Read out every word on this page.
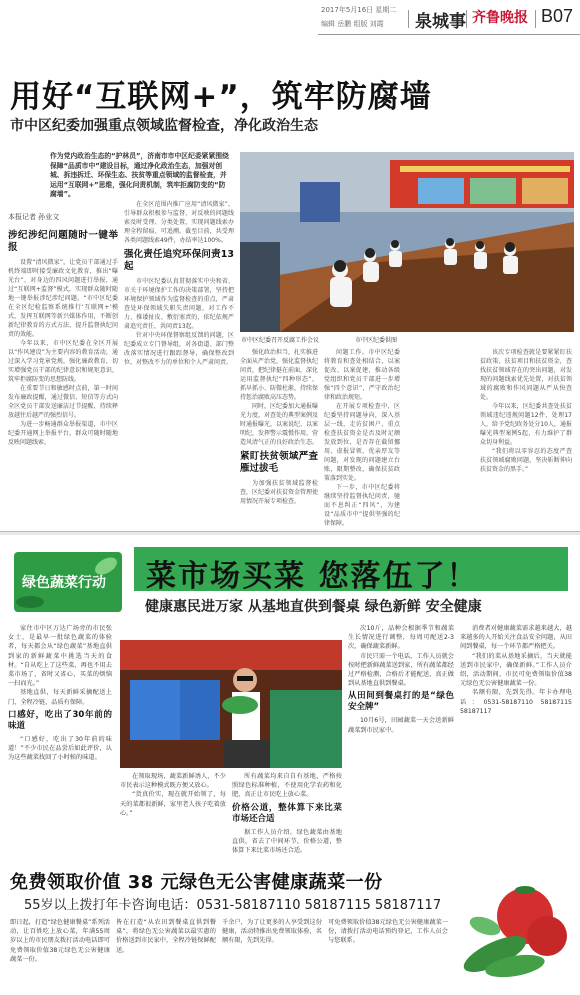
2017年5月16日 星期二
编辑 岳鹏 组版 刘霞 泉城事 齐鲁晚报 B07
用好“互联网+”，筑牢防腐墙
市中区纪委加强重点领域监督检查，净化政治生态
作为党内政治生态的“护林员”，济南市市中区纪委紧紧围绕保障“品质市中”建设目标，通过净化政治生态，加强对创城、拆违拆迁、环保生态、扶贫等重点领域的监督检查，并运用“互联网+”思维，强化问责机制，筑牢拒腐防变的“防腐墙”。
本报记者 孙业文
涉纪涉纪问题随时一键举报
设置“清风微家”，让党员干部通过手机终端即时接受廉政文化教育，推出“曝光台”，对身边的四风问题进行举报，通过“互联网+监督”模式，实现群众随时随地一键举报涉纪涉纪问题。“市中区纪委在全区纪检监察系统推行‘互联网+’模式，发挥互联网等新兴媒体作用，不断创新纪律教育的方式方法，提升监督执纪问责的效能。
今年以来，市中区纪委在全区开展以“作风建设”为主要内容的教育活动，通过深入学习党章党规，强化廉政教育，切实增强党员干部的纪律意识和规矩意识，筑牢拒腐防变的思想防线。
在重要节日和敏感时点前，第一时间发布廉政提醒，通过微信、短信等方式向全区党员干部发送廉洁过节提醒，持续释放越往后越严的强烈信号。
为进一步畅通群众举报渠道，市中区纪委开通网上举报平台，群众可随时随地反映问题线索。
在全区范围内推广应用“清风微家”，引导群众积极参与监督，对反映的问题线索及时受理、分类处置，实现问题线索办理全程留痕、可追溯。截至目前，共受理各类问题线索49件，办结率达100%。
强化责任追究环保问责13起
市中区纪委认真贯彻落实中央和省、市关于环境保护工作的决策部署，坚持把环境保护领域作为监督检查的重点，严肃查处环保领域失职失责问题，对工作不力、推诿扯皮、敷衍塞责的，依纪依规严肃追究责任，共问责13起。
针对中央环保督察组反馈的问题，区纪委成立专门督导组，对各街道、部门整改落实情况进行跟踪督导，确保整改到位，对整改不力的单位和个人严肃问责。
强化政治担当，扎实推进全面从严治党，强化监督执纪问责，把纪律挺在前面，深化运用监督执纪“四种形态”，抓早抓小、防微杜渐，持续保持惩治腐败高压态势。
同时，区纪委加大通报曝光力度，对查处的典型案例及时通报曝光，以案说纪、以案明纪，发挥警示震慑作用，营造风清气正的良好政治生态。
紧盯扶贫领域严查雁过拔毛
为加强扶贫领域监督检查，区纪委对扶贫资金管理使用情况开展专项检查。
问题工作。市中区纪委将教育和查处相结合，以案促改、以案促建，推动各级党组织和党员干部进一步增强“四个意识”，严守政治纪律和政治规矩。
在开展专项检查中，区纪委坚持问题导向，深入基层一线，走访贫困户，重点检查扶贫资金是否及时足额发放到位，是否存在截留挪用、虚报冒领、优亲厚友等问题，对发现的问题建立台账，限期整改，确保扶贫政策落到实处。
下一步，市中区纪委将继续坚持监督执纪问责，驰而不息纠正“四风”，为建设“品质市中”提供坚强的纪律保障。
该次专项检查就是要紧紧盯扶贫政策、扶贫项目和扶贫资金，查找扶贫领域存在的突出问题，对发现的问题线索优先处置，对扶贫领域的腐败和作风问题从严从快查处。
今年以来，区纪委共查处扶贫领域违纪违规问题12件，处理17人，给予党纪政务处分10人，通报曝光典型案例5起，有力维护了群众切身利益。
“我们将以零容忍的态度严查扶贫领域腐败问题，坚决斩断伸向扶贫资金的黑手。”
市中区纪委召开反腐工作会议	市中区纪委供图
绿色蔬菜行动 菜市场买菜 您落伍了！
健康惠民进万家 从基地直供到餐桌 绿色新鲜 安全健康
家住市中区万达广场旁的市民张女士，是最早一批绿色蔬菜的体验者，每天都会从“绿色蔬菜”基地直供到家的新鲜蔬菜中挑选当天的食材。“自从吃上了这些菜，再也不用去菜市场了，省时又省心，买菜的烦恼一扫而光。”
基地直供，每天新鲜采摘配送上门，全程冷链，品质有保障。
口感好，吃出了30年前的味道
“口感好，吃出了30年前的味道！”不少市民在品尝后如此评价，认为这些蔬菜找回了小时候的味道。
在领取现场，蔬菜新鲜诱人，不少市民表示这种模式既方便又放心。
“货真价实，现在就开始领了，每天的菜都很新鲜，家里老人孩子吃着放心。”
所有蔬菜均来自自有基地，严格按照绿色标准种植，不使用化学农药和化肥，真正让市民吃上放心菜。
价格公道，整体算下来比菜市场还合适
据工作人员介绍，绿色蔬菜由基地直供，省去了中间环节，价格公道，整体算下来比菜市场还合适。
次10斤，品种会根据季节和蔬菜生长情况进行调整，每周可配送2-3次，确保蔬菜新鲜。
市民只需一个电话，工作人员就会按时把新鲜蔬菜送到家，所有蔬菜都经过严格检测，合格后才能配送，真正做到从基地直供到餐桌。
从田间到餐桌打的是“绿色安全牌”
10月6号，田园蔬菜一天会送新鲜蔬菜到市民家中。
消费者对健康蔬菜需求越来越大，越来越多的人开始关注食品安全问题，从田间到餐桌，每一个环节都严格把关。
“我们的菜从基地采摘后，当天就能送到市民家中，确保新鲜。”工作人员介绍，活动期间，市民可免费领取价值38元绿色无公害健康蔬菜一份。
名额有限，先到先得。年卡办理电话：0531-58187110 58187115 58187117
免费领取价值 38 元绿色无公害健康蔬菜一份
55岁以上拨打年卡咨询电话：0531-58187110 58187115 58187117
即日起，打造“绿色健康餐桌”系列活动，让百姓吃上放心菜，年满55周岁以上的市民朋友拨打活动电话即可免费领取价值38元绿色无公害健康蔬菜一份。
皆在打造“从农田到餐桌直供到餐桌”，将绿色无公害蔬菜以最实惠的价格送到市民家中，全程冷链保鲜配送。
千余户，为了让更多的人享受到这份健康，活动特推出免费领取体验，名额有限，先到先得。
可免费领取价值38元绿色无公害健康蔬菜一份，请拨打活动电话预约登记，工作人员会与您联系。
